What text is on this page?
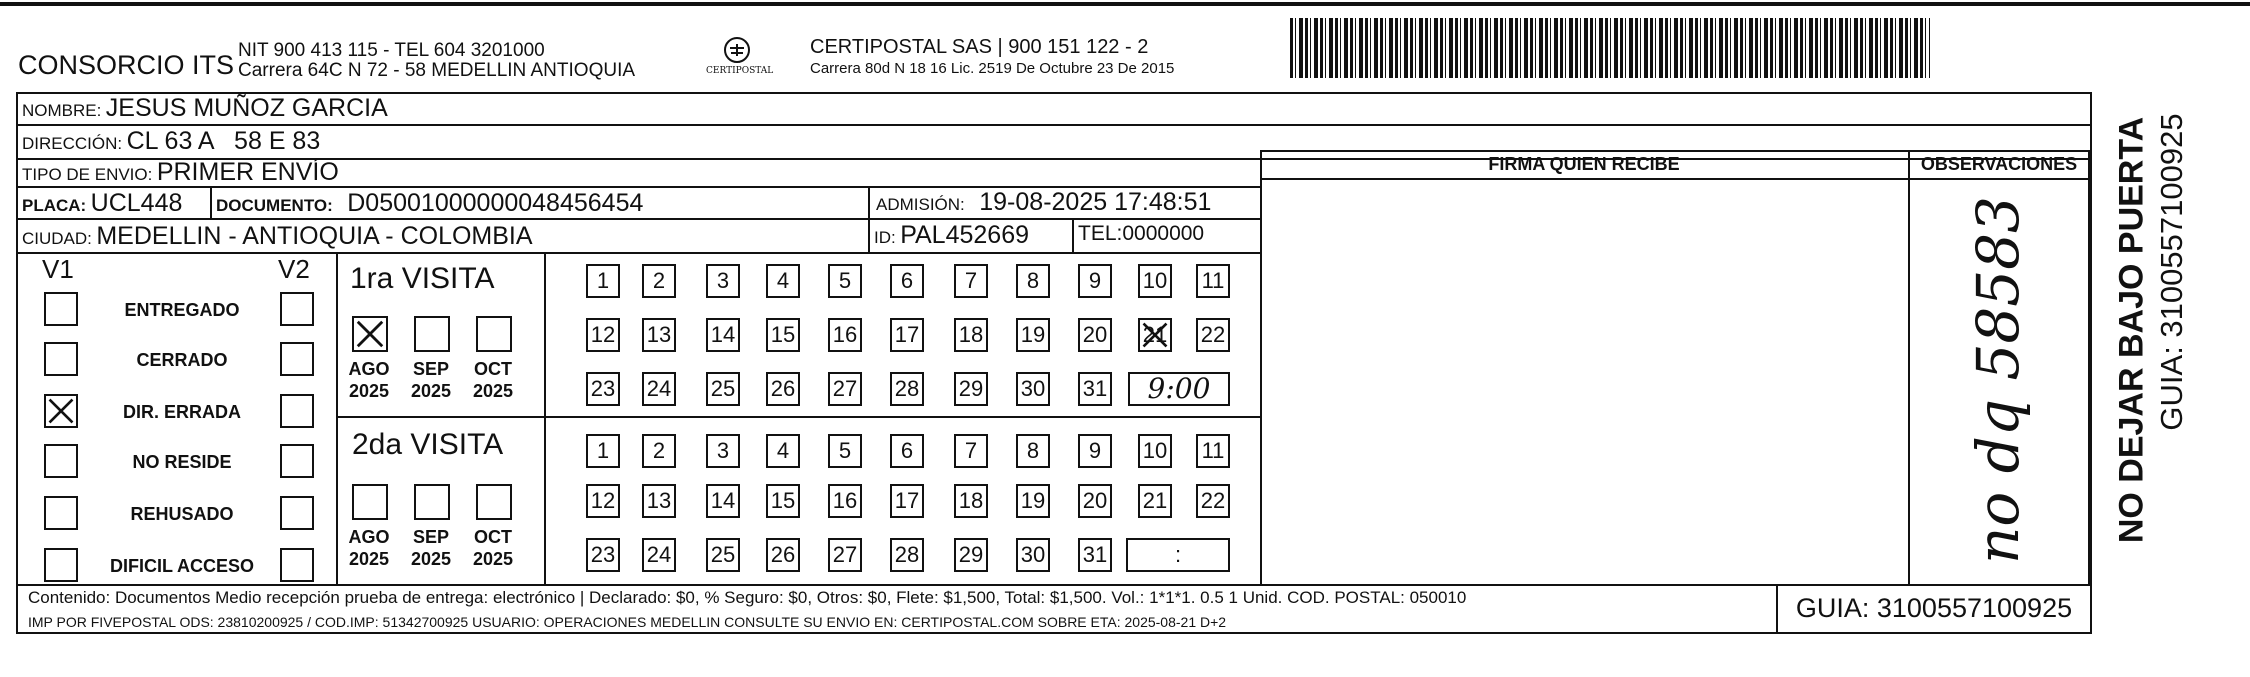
CONSORCIO ITS NIT 900 413 115 - TEL 604 3201000
Carrera 64C N 72 - 58 MEDELLIN ANTIOQUIA	CERTIPOSTAL
CERTIPOSTAL SAS | 900 151 122 - 2
Carrera 80d N 18 16 Lic. 2519 De Octubre 23 De 2015
NOMBRE: JESUS MUÑOZ GARCIA
DIRECCIÓN: CL 63 A   58 E 83
TIPO DE ENVIO: PRIMER ENVÍO
PLACA: UCL448 DOCUMENTO: D05001000000048456454	ADMISIÓN: 19-08-2025 17:48:51
CIUDAD: MEDELLIN - ANTIOQUIA - COLOMBIA	ID: PAL452669 TEL:0000000
FIRMA QUIEN RECIBE	OBSERVACIONES
no dq 58583 NO DEJAR BAJO PUERTA GUIA: 3100557100925
V1	V2
ENTREGADO
CERRADO
DIR. ERRADA
NO RESIDE
REHUSADO
DIFICIL ACCESO
1ra VISITA
AGO
2025
SEP
2025
OCT
2025
1	2	3	4	5	6	7	8	9	10 11
12 13 14 15 16 17 18 19 20 21 22
23 24 25 26 27 28 29 30 31	9:00
2da VISITA
AGO
2025
SEP
2025
OCT
2025
1	2	3	4	5	6	7	8	9	10 11
12 13 14 15 16 17 18 19 20 21 22
23 24 25 26 27 28 29 30 31	:
Contenido: Documentos Medio recepción prueba de entrega: electrónico | Declarado: $0, % Seguro: $0, Otros: $0, Flete: $1,500, Total: $1,500. Vol.: 1*1*1. 0.5 1 Unid. COD. POSTAL: 050010
IMP POR FIVEPOSTAL ODS: 23810200925 / COD.IMP: 51342700925 USUARIO: OPERACIONES MEDELLIN CONSULTE SU ENVIO EN: CERTIPOSTAL.COM SOBRE ETA: 2025-08-21 D+2	GUIA: 3100557100925
